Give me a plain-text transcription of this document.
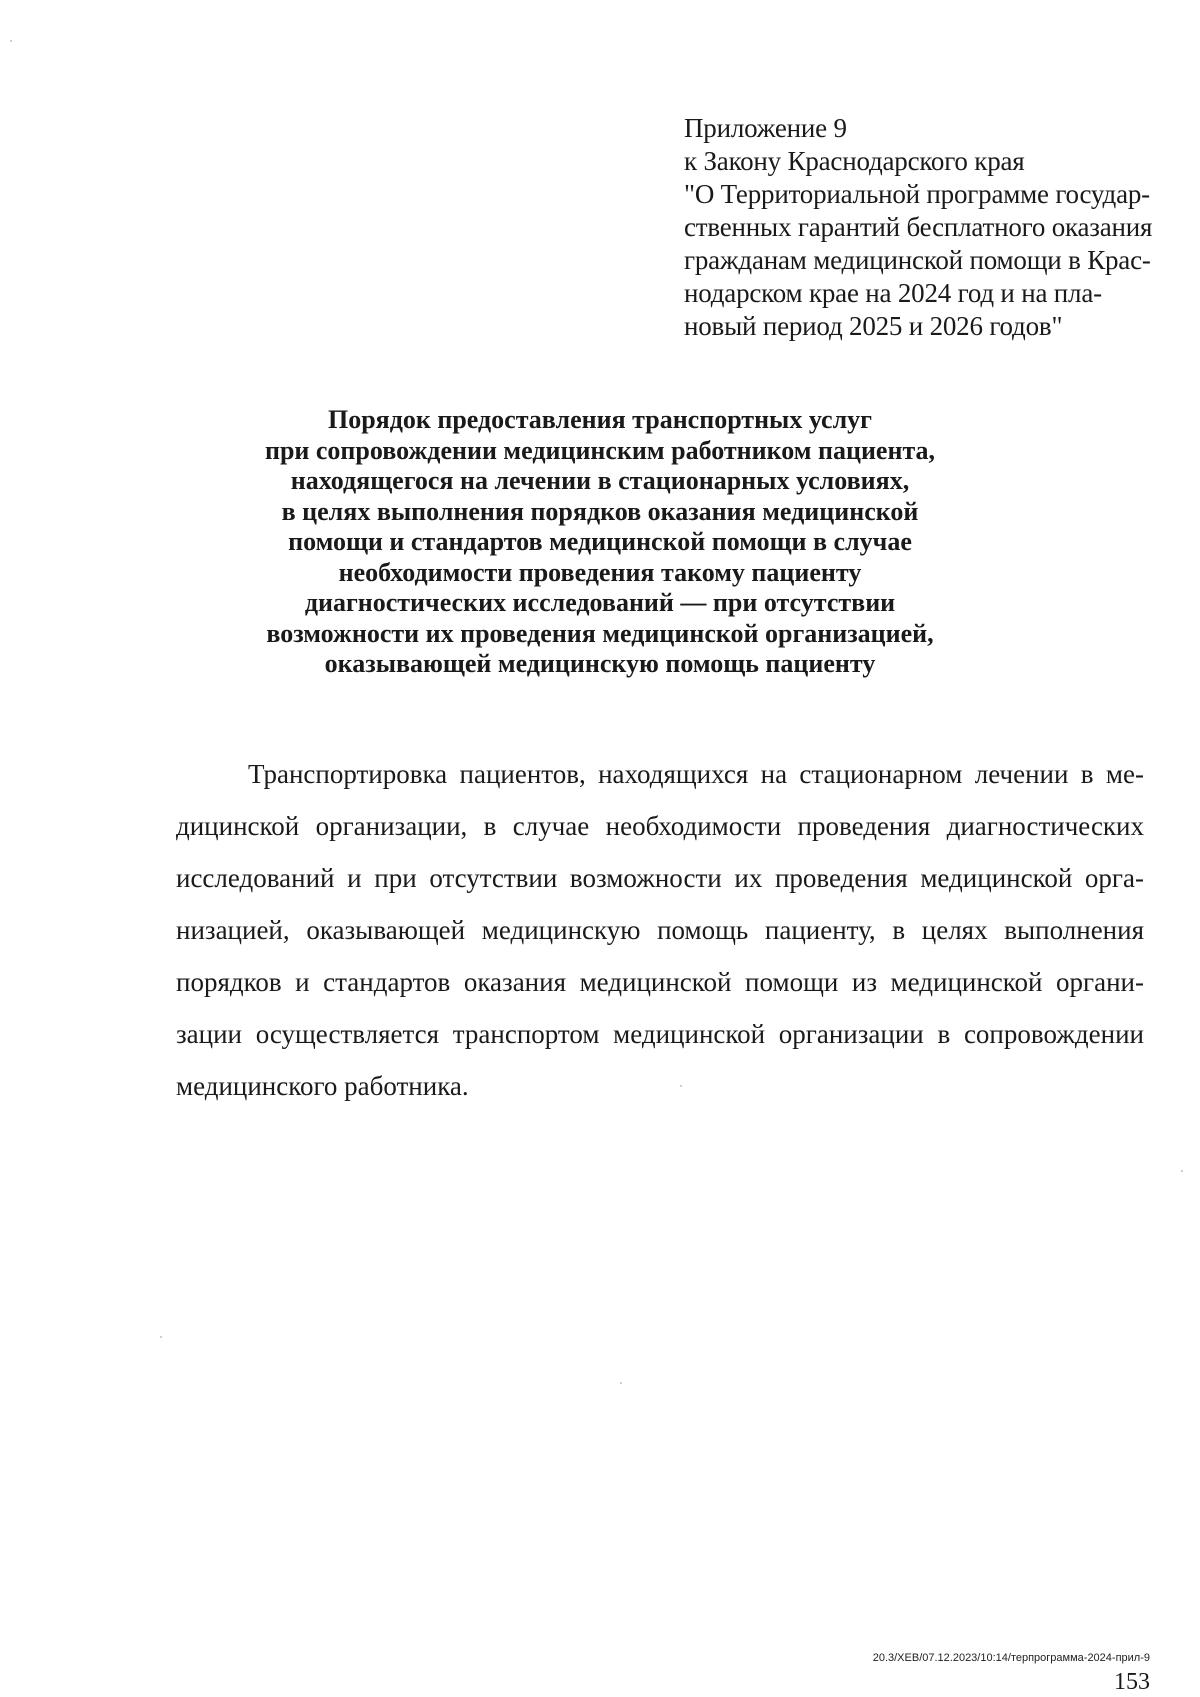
Приложение 9
к Закону Краснодарского края
"О Территориальной программе государ-
ственных гарантий бесплатного оказания
гражданам медицинской помощи в Крас-
нодарском крае на 2024 год и на пла-
новый период 2025 и 2026 годов"
Порядок предоставления транспортных услуг
при сопровождении медицинским работником пациента,
находящегося на лечении в стационарных условиях,
в целях выполнения порядков оказания медицинской
помощи и стандартов медицинской помощи в случае
необходимости проведения такому пациенту
диагностических исследований — при отсутствии
возможности их проведения медицинской организацией,
оказывающей медицинскую помощь пациенту
Транспортировка пациентов, находящихся на стационарном лечении в ме-
дицинской организации, в случае необходимости проведения диагностических
исследований и при отсутствии возможности их проведения медицинской орга-
низацией, оказывающей медицинскую помощь пациенту, в целях выполнения
порядков и стандартов оказания медицинской помощи из медицинской органи-
зации осуществляется транспортом медицинской организации в сопровождении
медицинского работника.
20.3/ХЕВ/07.12.2023/10:14/терпрограмма-2024-прил-9
153
